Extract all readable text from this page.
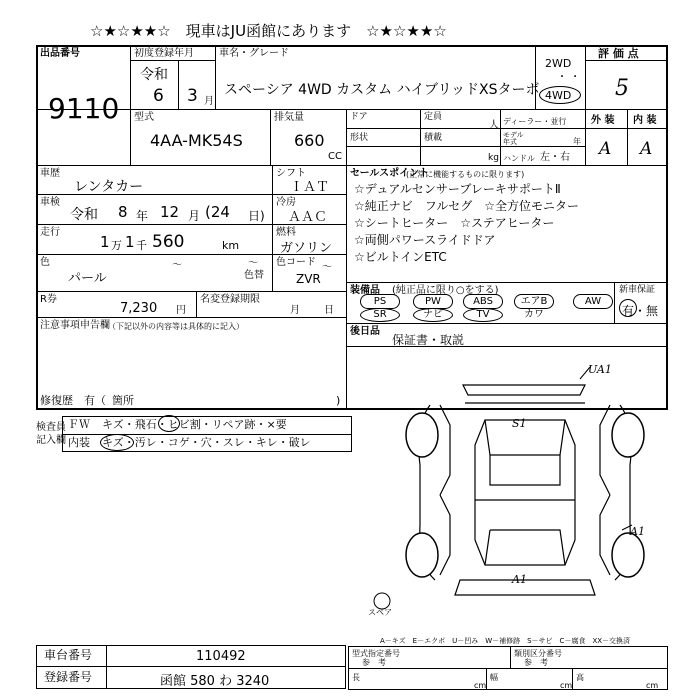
☆★☆★★☆　現車はJU函館にあります　☆★☆★★☆
出品番号
9110
初度登録年月
令和
6 3 月
車名・グレード
スペーシア 4WD カスタム ハイブリッドXSターボ
2WD
・ ・
4WD
評 価 点
5
型式
4AA-MK54S
排気量
660
CC
ドア	定員
人 ディーラー・並行
形状	積載
kg
モデル 年式	年
ハンドル 左・右
外 装 内 装
A A
車歴
レンタカー
シフト
ＩＡＴ
車検
令和 8 年 12 月 (24 日)
冷房
ＡＡＣ
走行
1 万 1 千 560	km
燃料
ガソリン
色
パール
～
色替
～ 色コード ～
ZVR
R券
7,230 円
名変登録期限
月 日
注意事項申告欄
（下記以外の内容等は具体的に記入）
修復歴 有（ 箇所	)
セールスポイント
(正常に機能するものに限ります)
☆デュアルセンサーブレーキサポートⅡ
☆純正ナビ　フルセグ　☆全方位モニター
☆シートヒーター　☆ステアヒーター
☆両側パワースライドドア
☆ビルトインETC
装備品 (純正品に限り○をする)	新車保証
有・無
後日品
保証書・取説
検査員
記入欄
ＦＷ キズ・飛石・ヒビ割・リペア跡・×要
内装 キズ・汚レ・コゲ・穴・スレ・キレ・破レ
UA1
S1
A1
A1
スペア
A－キズ　E－エクボ　U－凹み　W－補修跡　S－サビ　C－腐食　XX－交換済
車台番号	110492
登録番号	函館 580 わ 3240
型式指定番号
参　考
類別区分番号
参　考
長
cm
幅
cm
高
cm
PS	PW	ABS	エアB	AW
SR	ナビ	TV	カワ
